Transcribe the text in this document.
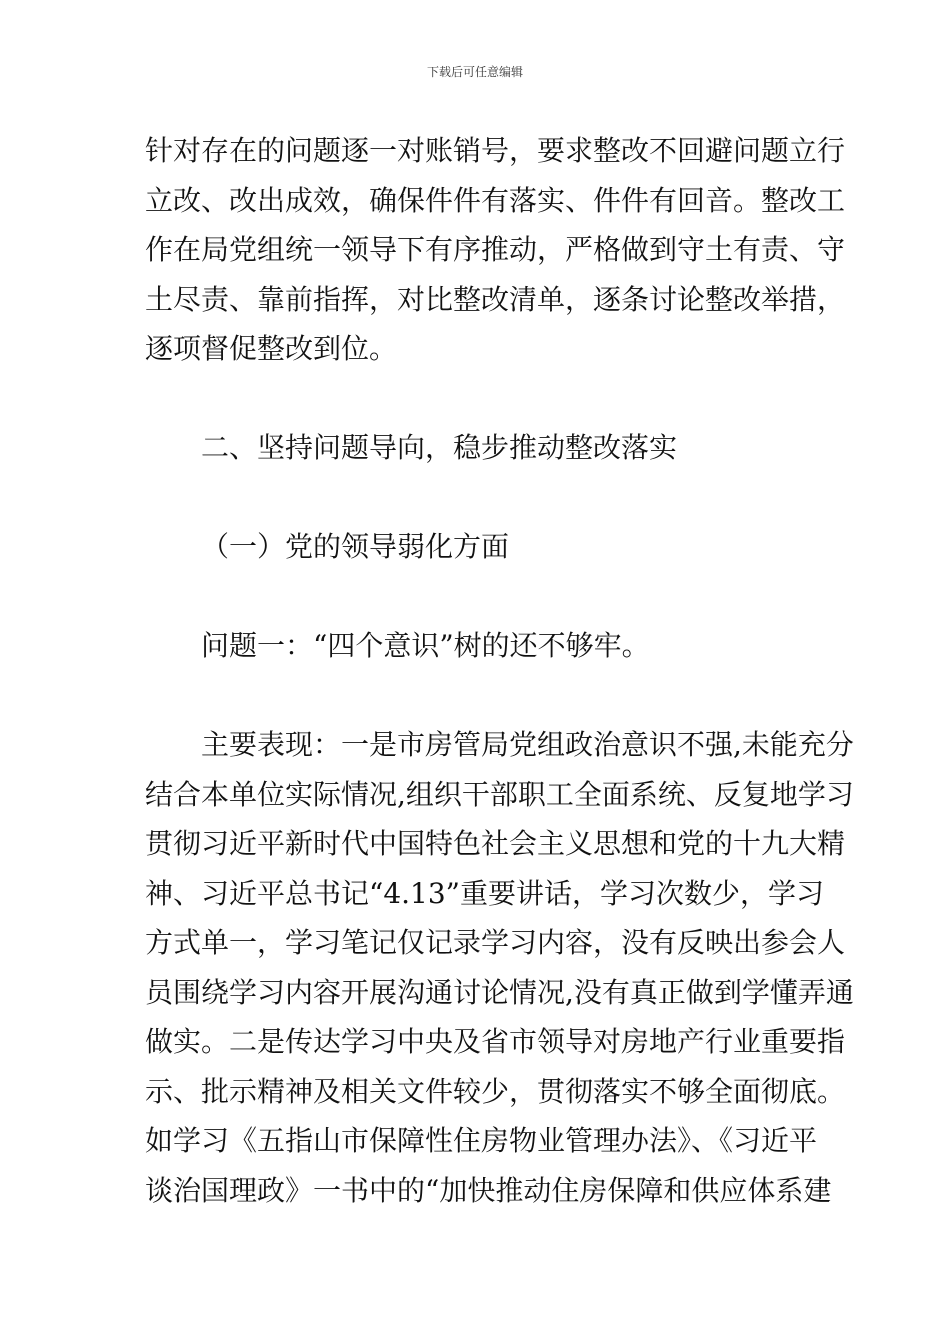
下载后可任意编辑
针对存在的问题逐一对账销号，要求整改不回避问题立行
立改、改出成效，确保件件有落实、件件有回音。整改工
作在局党组统一领导下有序推动，严格做到守土有责、守
土尽责、靠前指挥，对比整改清单，逐条讨论整改举措，
逐项督促整改到位。
二、坚持问题导向，稳步推动整改落实
（一）党的领导弱化方面
问题一：“四个意识”树的还不够牢。
主要表现：一是市房管局党组政治意识不强,未能充分
结合本单位实际情况,组织干部职工全面系统、反复地学习
贯彻习近平新时代中国特色社会主义思想和党的十九大精
神、习近平总书记“4.13”重要讲话，学习次数少，学习
方式单一，学习笔记仅记录学习内容，没有反映出参会人
员围绕学习内容开展沟通讨论情况,没有真正做到学懂弄通
做实。二是传达学习中央及省市领导对房地产行业重要指
示、批示精神及相关文件较少，贯彻落实不够全面彻底。
如学习《五指山市保障性住房物业管理办法》、《习近平
谈治国理政》一书中的“加快推动住房保障和供应体系建
